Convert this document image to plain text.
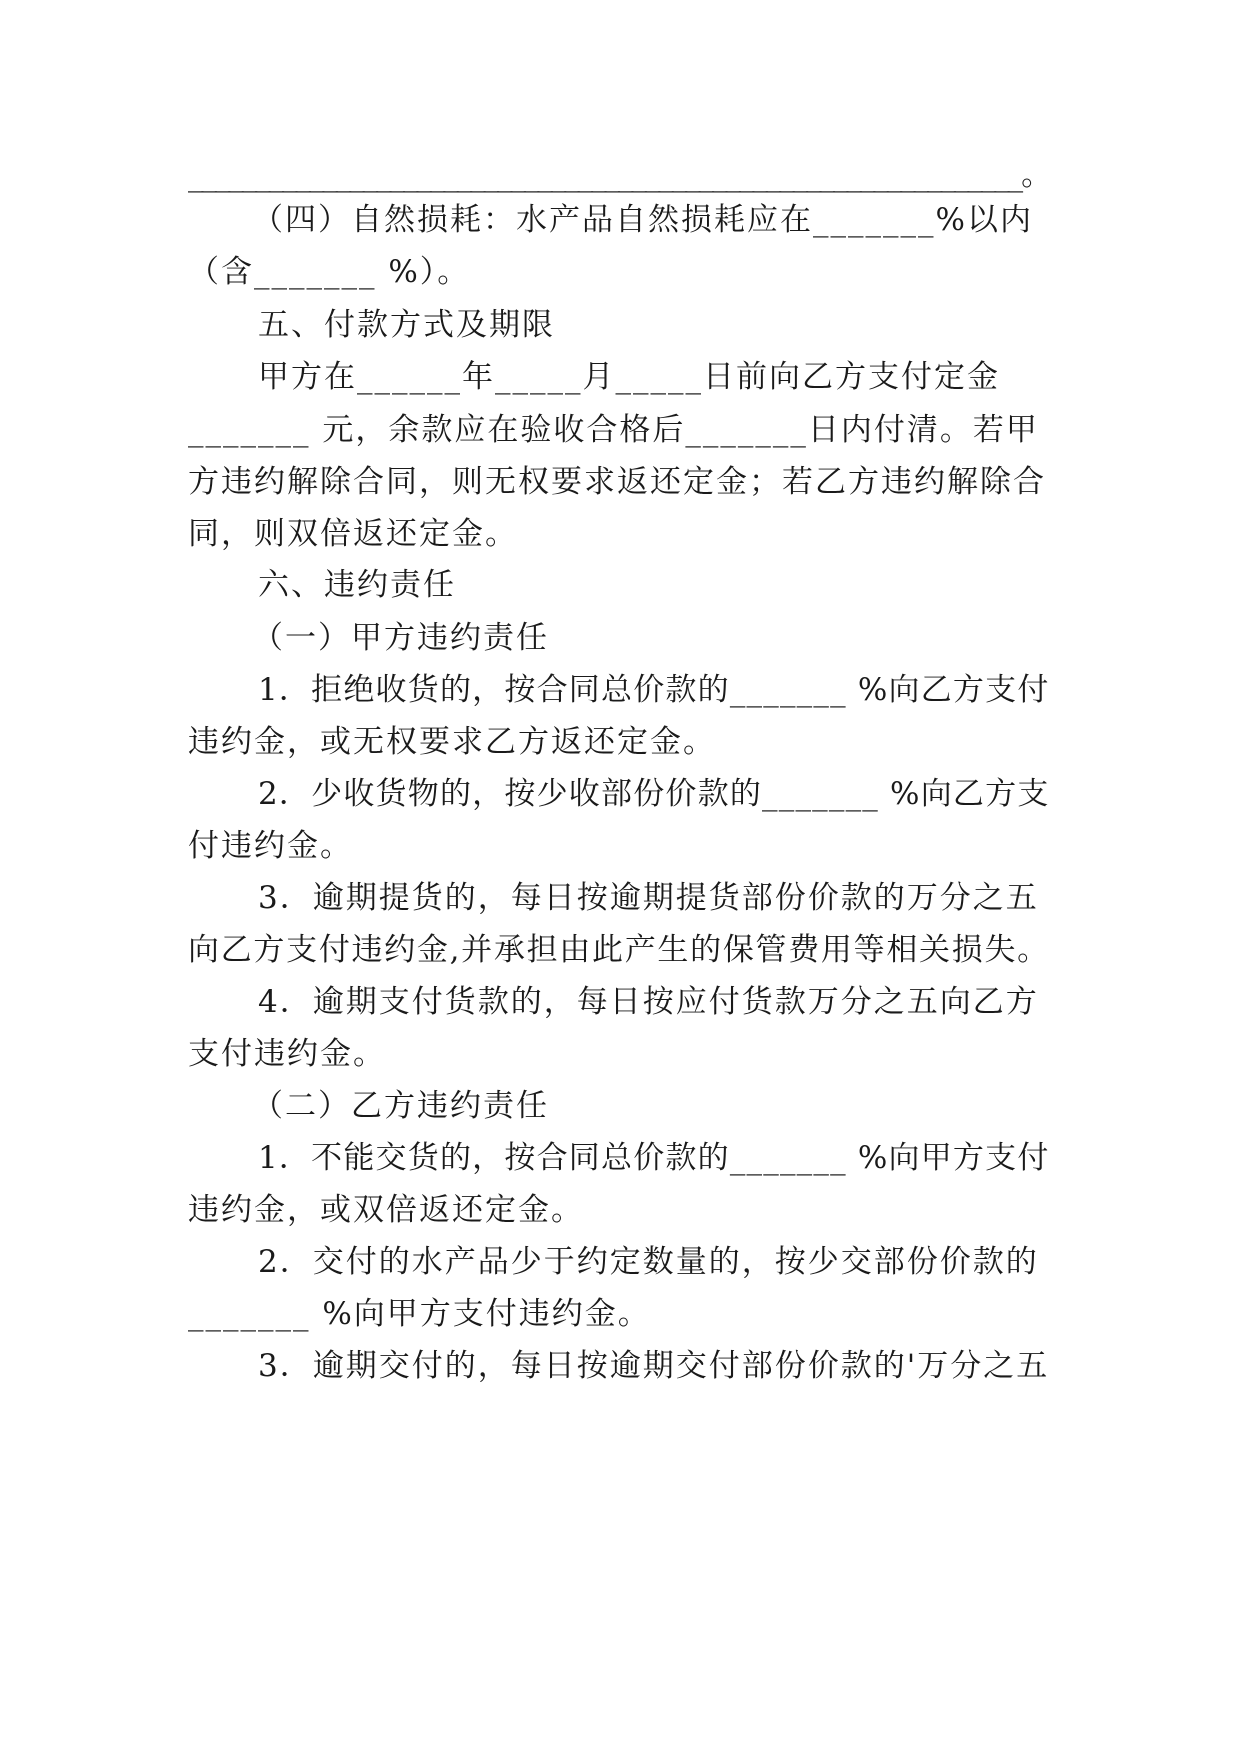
______________________________________________________________。
（四）自然损耗：水产品自然损耗应在_______%以内
（含_______ %）。
五、付款方式及期限
甲方在______年_____月_____日前向乙方支付定金
_______ 元，余款应在验收合格后_______日内付清。若甲
方违约解除合同，则无权要求返还定金；若乙方违约解除合
同，则双倍返还定金。
六、违约责任
（一）甲方违约责任
1．拒绝收货的，按合同总价款的_______ %向乙方支付
违约金，或无权要求乙方返还定金。
2．少收货物的，按少收部份价款的_______ %向乙方支
付违约金。
3．逾期提货的，每日按逾期提货部份价款的万分之五
向乙方支付违约金,并承担由此产生的保管费用等相关损失。
4．逾期支付货款的，每日按应付货款万分之五向乙方
支付违约金。
（二）乙方违约责任
1．不能交货的，按合同总价款的_______ %向甲方支付
违约金，或双倍返还定金。
2．交付的水产品少于约定数量的，按少交部份价款的
_______ %向甲方支付违约金。
3．逾期交付的，每日按逾期交付部份价款的'万分之五
